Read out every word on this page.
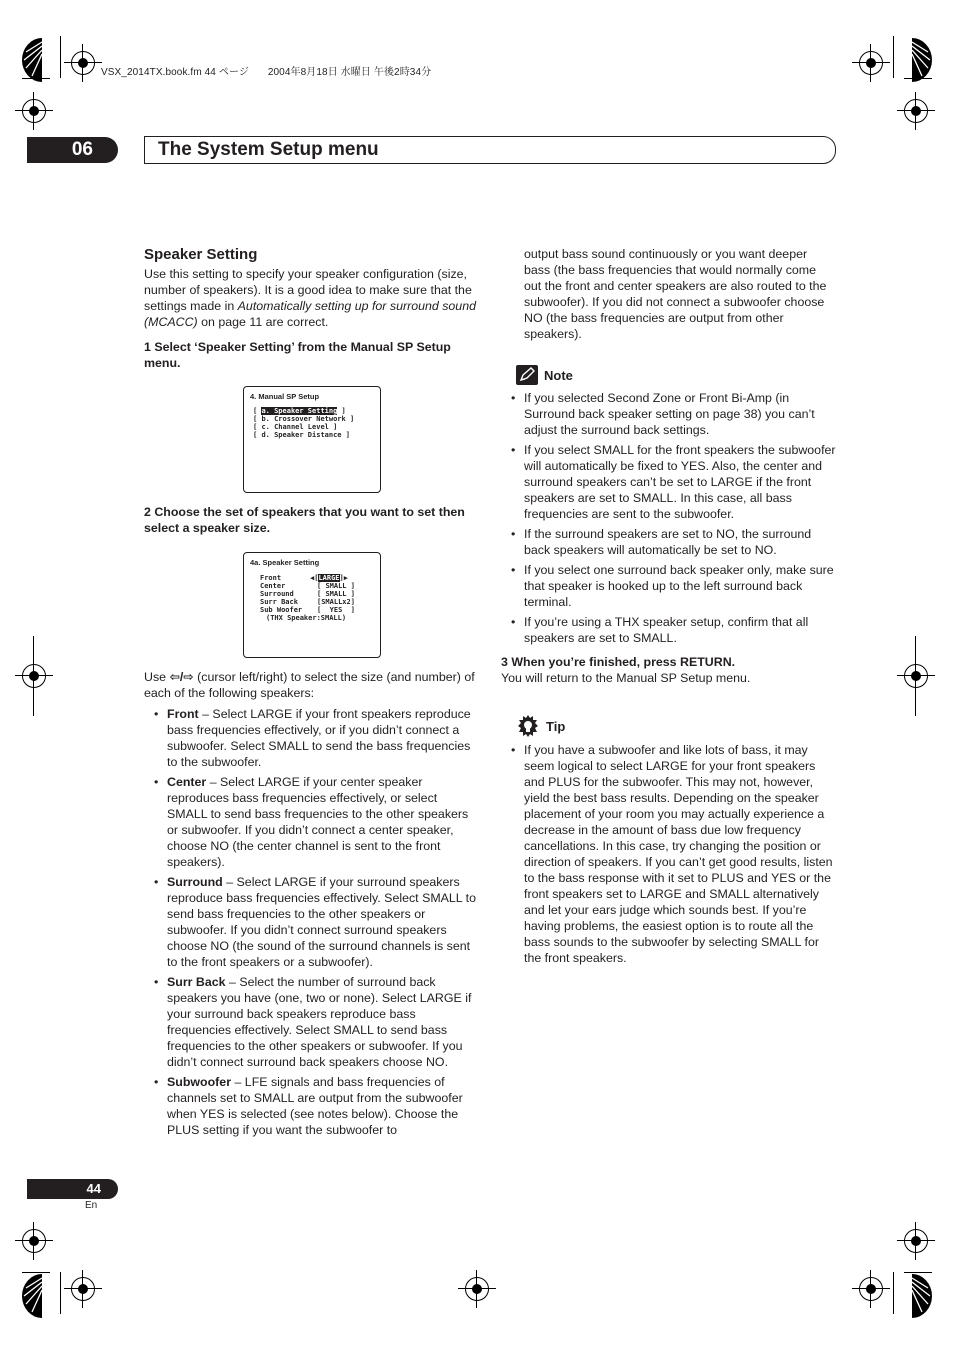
VSX_2014TX.book.fm 44 ページ 2004年8月18日 水曜日 午後2時34分
06	The System Setup menu
Speaker Setting

Use this setting to specify your speaker configuration (size, number of speakers). It is a good idea to make sure that the settings made in Automatically setting up for surround sound (MCACC) on page 11 are correct.

1 Select ‘Speaker Setting’ from the Manual SP Setup menu.

4. Manual SP Setup
[ a. Speaker Setting ]
[ b. Crossover Network ]
[ c. Channel Level ]
[ d. Speaker Distance ]

2 Choose the set of speakers that you want to set then select a speaker size.

4a. Speaker Setting
Front	◀[LARGE]▶
Center	[ SMALL ]
Surround	[ SMALL ]
Surr Back	[SMALLx2]
Sub Woofer	[  YES  ]
(THX Speaker:SMALL)

Use ⇦/⇨ (cursor left/right) to select the size (and number) of each of the following speakers:

• Front – Select LARGE if your front speakers reproduce bass frequencies effectively, or if you didn’t connect a subwoofer. Select SMALL to send the bass frequencies to the subwoofer.
• Center – Select LARGE if your center speaker reproduces bass frequencies effectively, or select SMALL to send bass frequencies to the other speakers or subwoofer. If you didn’t connect a center speaker, choose NO (the center channel is sent to the front speakers).
• Surround – Select LARGE if your surround speakers reproduce bass frequencies effectively. Select SMALL to send bass frequencies to the other speakers or subwoofer. If you didn’t connect surround speakers choose NO (the sound of the surround channels is sent to the front speakers or a subwoofer).
• Surr Back – Select the number of surround back speakers you have (one, two or none). Select LARGE if your surround back speakers reproduce bass frequencies effectively. Select SMALL to send bass frequencies to the other speakers or subwoofer. If you didn’t connect surround back speakers choose NO.
• Subwoofer – LFE signals and bass frequencies of channels set to SMALL are output from the subwoofer when YES is selected (see notes below). Choose the PLUS setting if you want the subwoofer to
output bass sound continuously or you want deeper bass (the bass frequencies that would normally come out the front and center speakers are also routed to the subwoofer). If you did not connect a subwoofer choose NO (the bass frequencies are output from other speakers).
Note
• If you selected Second Zone or Front Bi-Amp (in Surround back speaker setting on page 38) you can’t adjust the surround back settings.
• If you select SMALL for the front speakers the subwoofer will automatically be fixed to YES. Also, the center and surround speakers can’t be set to LARGE if the front speakers are set to SMALL. In this case, all bass frequencies are sent to the subwoofer.
• If the surround speakers are set to NO, the surround back speakers will automatically be set to NO.
• If you select one surround back speaker only, make sure that speaker is hooked up to the left surround back terminal.
• If you’re using a THX speaker setup, confirm that all speakers are set to SMALL.

3 When you’re finished, press RETURN.

You will return to the Manual SP Setup menu.

Tip
• If you have a subwoofer and like lots of bass, it may seem logical to select LARGE for your front speakers and PLUS for the subwoofer. This may not, however, yield the best bass results. Depending on the speaker placement of your room you may actually experience a decrease in the amount of bass due low frequency cancellations. In this case, try changing the position or direction of speakers. If you can’t get good results, listen to the bass response with it set to PLUS and YES or the front speakers set to LARGE and SMALL alternatively and let your ears judge which sounds best. If you’re having problems, the easiest option is to route all the bass sounds to the subwoofer by selecting SMALL for the front speakers.
44
En
